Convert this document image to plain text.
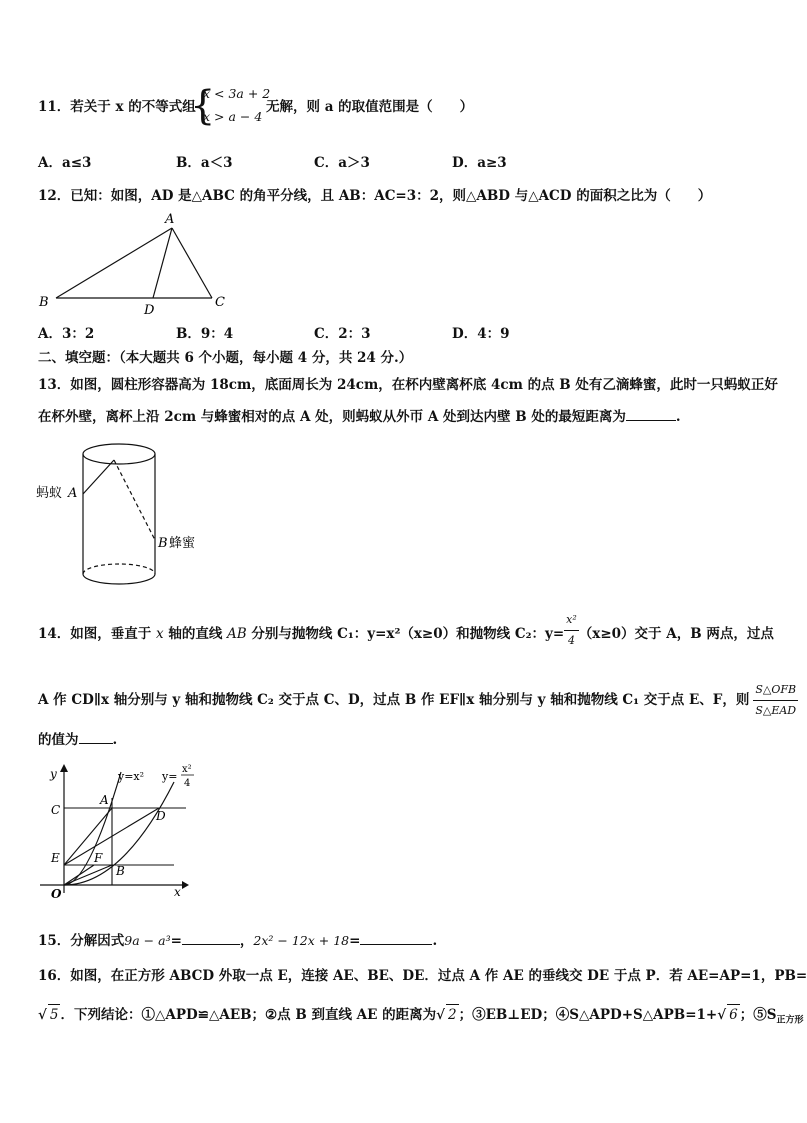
11．若关于 x 的不等式组
{
x < 3a + 2
x > a − 4
无解，则 a 的取值范围是（　　）
A．a≤3	B．a＜3	C．a＞3	D．a≥3
12．已知：如图，AD 是△ABC 的角平分线，且 AB：AC=3：2，则△ABD 与△ACD 的面积之比为（　　）
A
B	C
D
A．3：2	B．9：4	C．2：3	D．4：9
二、填空题：（本大题共 6 个小题，每小题 4 分，共 24 分.）
13．如图，圆柱形容器高为 18cm，底面周长为 24cm，在杯内壁离杯底 4cm 的点 B 处有乙滴蜂蜜，此时一只蚂蚁正好
在杯外壁，离杯上沿 2cm 与蜂蜜相对的点 A 处，则蚂蚁从外帀 A 处到达内壁 B 处的最短距离为	.
蚂蚁 A
B 蜂蜜
14．如图，垂直于 x 轴的直线 AB 分别与抛物线 C₁：y=x²（x≥0）和抛物线 C₂：$y= \frac{\text{x²}}{4} (x\ge 0)$交于 A，B 两点，过点
A 作 CD∥x 轴分别与 y 轴和抛物线 C₂ 交于点 C、D，过点 B 作 EF∥x 轴分别与 y 轴和抛物线 C₁ 交于点 E、F，则 $\frac{\text{S△OFB}}{\text{S△EAD}}$
的值为	.
y
x
O
y=x² y=
x²
4
A
B
C	D
E	F
15．分解因式9a − a³=	，2x² − 12x + 18=	.
16．如图，在正方形 ABCD 外取一点 E，连接 AE、BE、DE．过点 A 作 AE 的垂线交 DE 于点 P．若 AE=AP=1，PB=
√ 5 ．下列结论：①△APD≌△AEB；②点 B 到直线 AE 的距离为√ 2 ；③EB⊥ED；④S△APD+S△APB=1+√ 6 ；$⑤S_{正方形}$
